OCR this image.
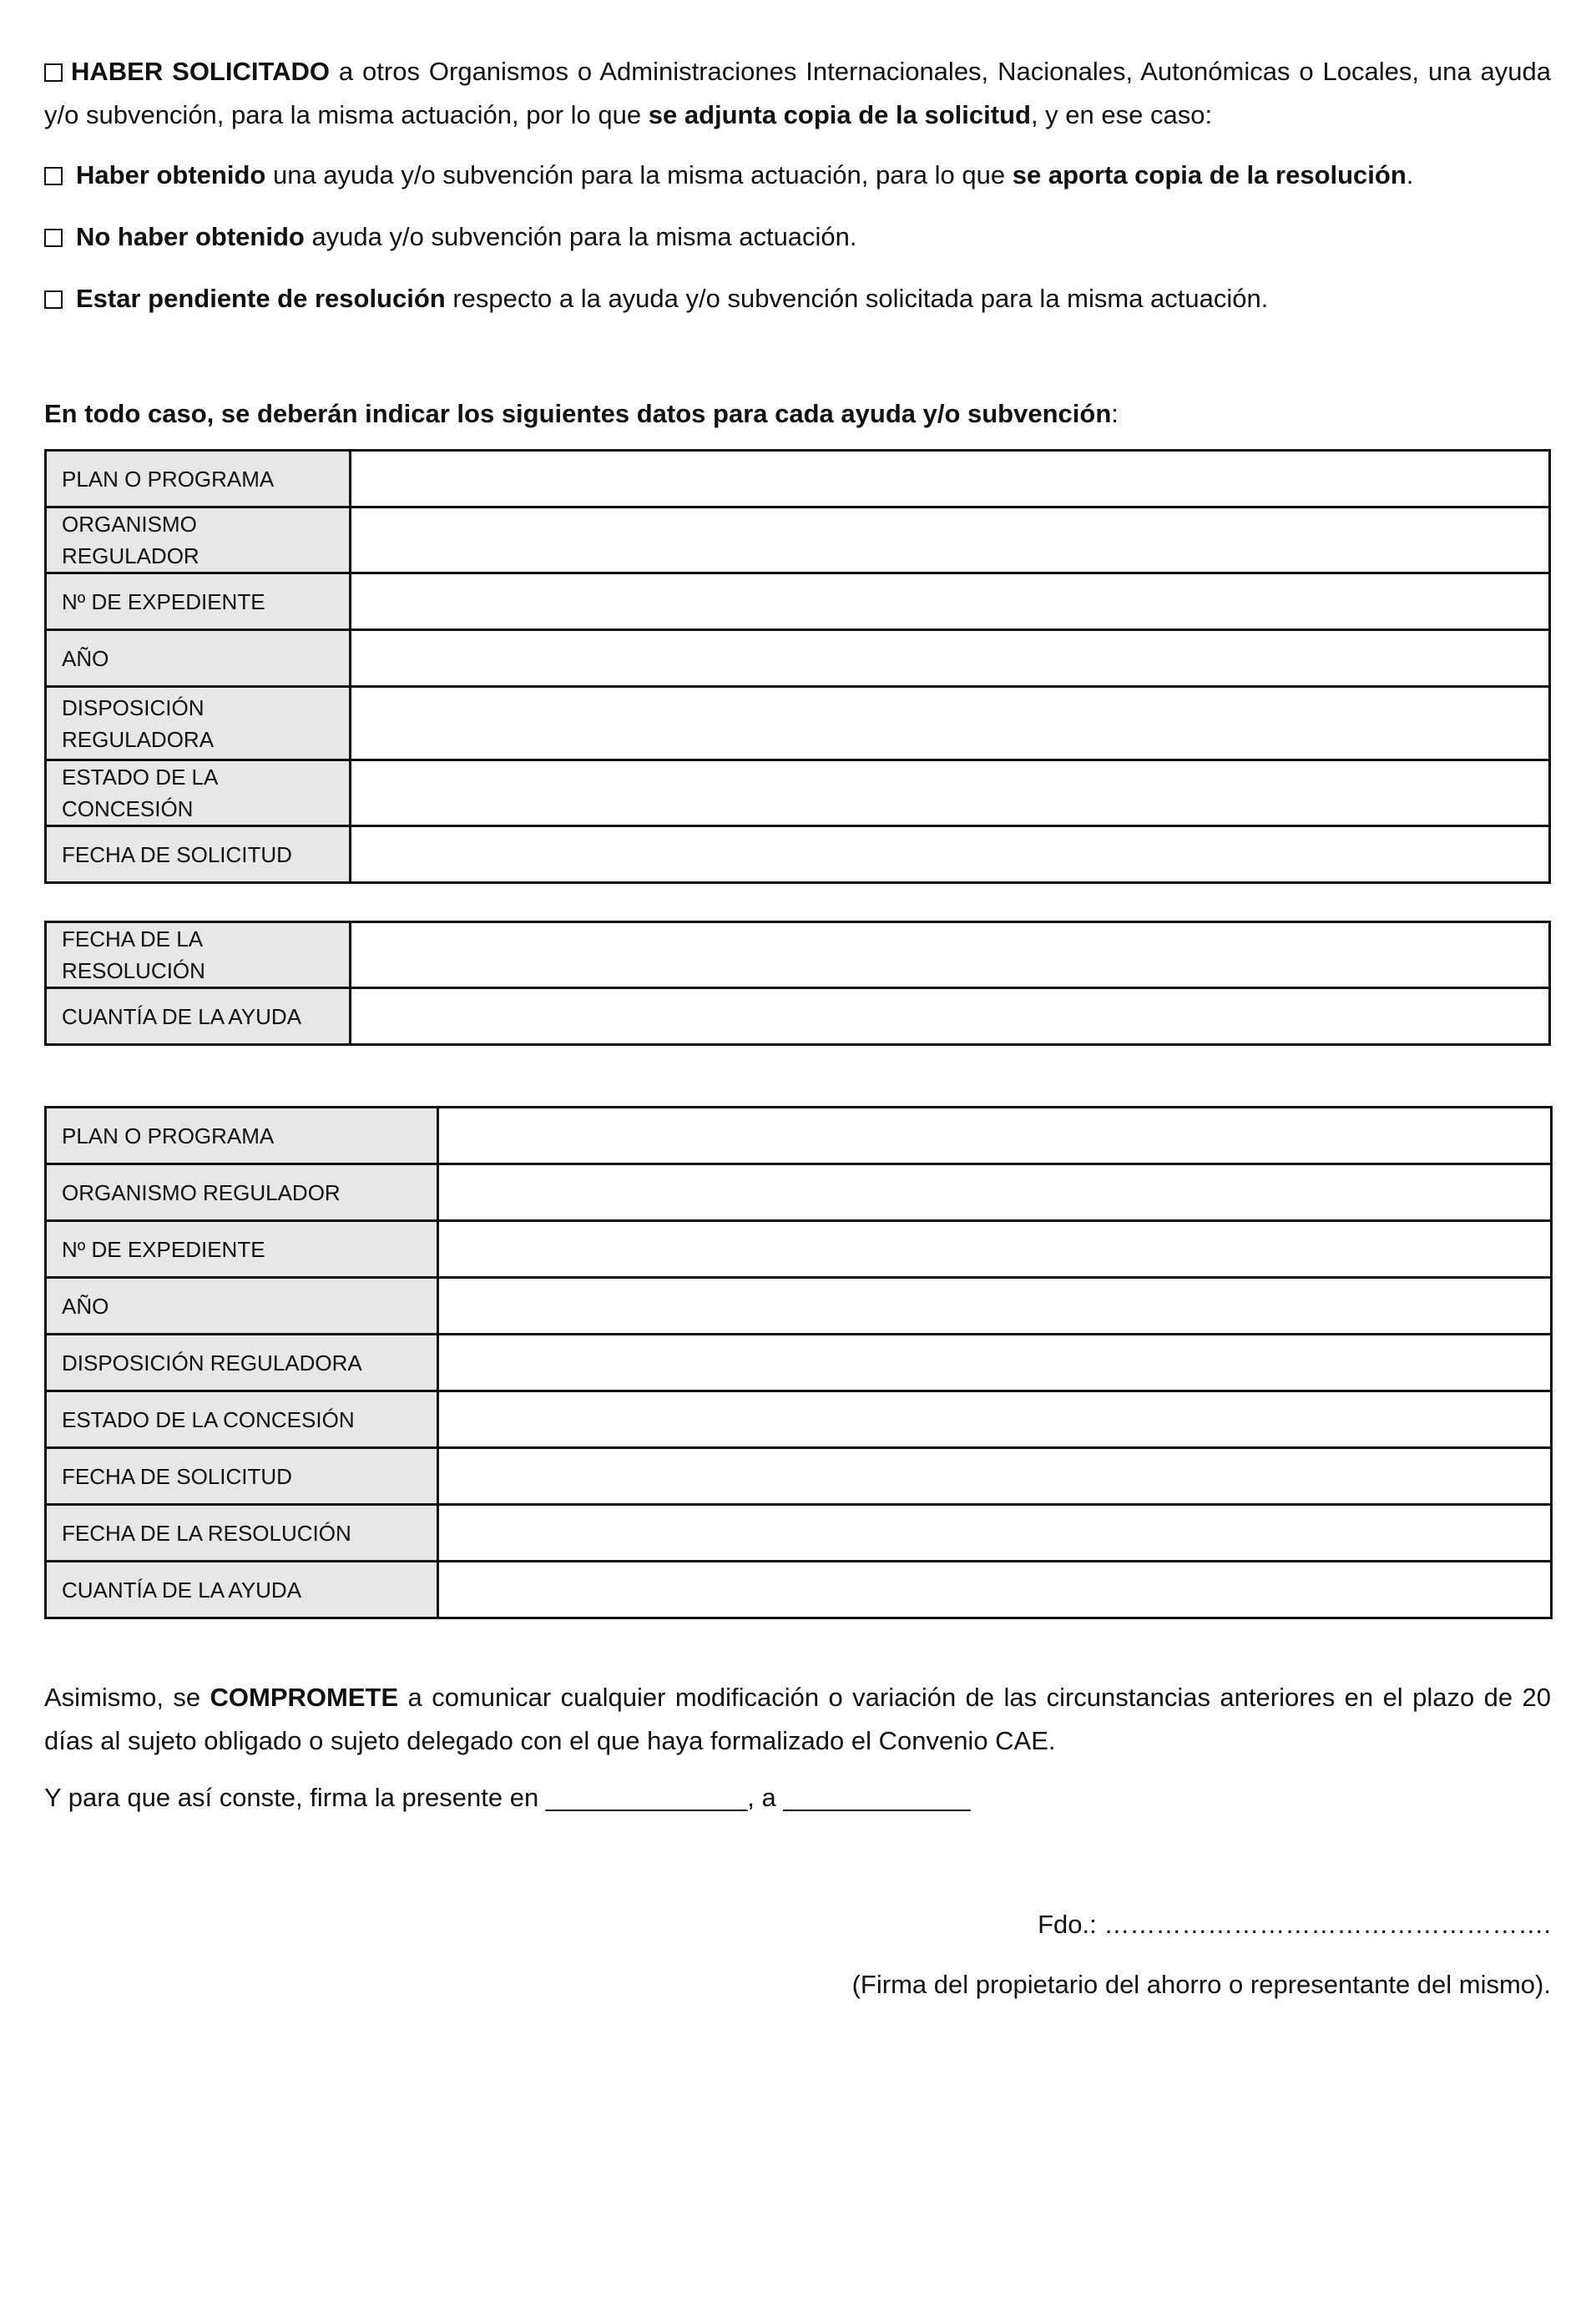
HABER SOLICITADO a otros Organismos o Administraciones Internacionales, Nacionales, Autonómicas o Locales, una ayuda y/o subvención, para la misma actuación, por lo que se adjunta copia de la solicitud, y en ese caso:

Haber obtenido una ayuda y/o subvención para la misma actuación, para lo que se aporta copia de la resolución.

No haber obtenido ayuda y/o subvención para la misma actuación.

Estar pendiente de resolución respecto a la ayuda y/o subvención solicitada para la misma actuación.

En todo caso, se deberán indicar los siguientes datos para cada ayuda y/o subvención:

PLAN O PROGRAMA	
ORGANISMO REGULADOR	
Nº DE EXPEDIENTE	
AÑO	
DISPOSICIÓN REGULADORA	
ESTADO DE LA CONCESIÓN	
FECHA DE SOLICITUD	
FECHA DE LA RESOLUCIÓN	
CUANTÍA DE LA AYUDA	
PLAN O PROGRAMA	
ORGANISMO REGULADOR	
Nº DE EXPEDIENTE	
AÑO	
DISPOSICIÓN REGULADORA	
ESTADO DE LA CONCESIÓN	
FECHA DE SOLICITUD	
FECHA DE LA RESOLUCIÓN	
CUANTÍA DE LA AYUDA	

Asimismo, se COMPROMETE a comunicar cualquier modificación o variación de las circunstancias anteriores en el plazo de 20 días al sujeto obligado o sujeto delegado con el que haya formalizado el Convenio CAE.

Y para que así conste, firma la presente en ______________, a _____________

Fdo.: …………………………………………….

(Firma del propietario del ahorro o representante del mismo).
